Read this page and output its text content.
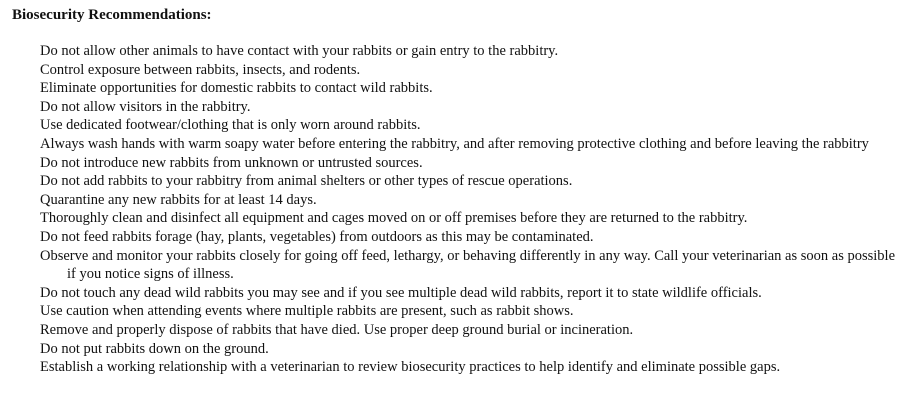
Biosecurity Recommendations:
Do not allow other animals to have contact with your rabbits or gain entry to the rabbitry.
Control exposure between rabbits, insects, and rodents.
Eliminate opportunities for domestic rabbits to contact wild rabbits.
Do not allow visitors in the rabbitry.
Use dedicated footwear/clothing that is only worn around rabbits.
Always wash hands with warm soapy water before entering the rabbitry, and after removing protective clothing and before leaving the rabbitry
Do not introduce new rabbits from unknown or untrusted sources.
Do not add rabbits to your rabbitry from animal shelters or other types of rescue operations.
Quarantine any new rabbits for at least 14 days.
Thoroughly clean and disinfect all equipment and cages moved on or off premises before they are returned to the rabbitry.
Do not feed rabbits forage (hay, plants, vegetables) from outdoors as this may be contaminated.
Observe and monitor your rabbits closely for going off feed, lethargy, or behaving differently in any way. Call your veterinarian as soon as possible if you notice signs of illness.
Do not touch any dead wild rabbits you may see and if you see multiple dead wild rabbits, report it to state wildlife officials.
Use caution when attending events where multiple rabbits are present, such as rabbit shows.
Remove and properly dispose of rabbits that have died. Use proper deep ground burial or incineration.
Do not put rabbits down on the ground.
Establish a working relationship with a veterinarian to review biosecurity practices to help identify and eliminate possible gaps.
